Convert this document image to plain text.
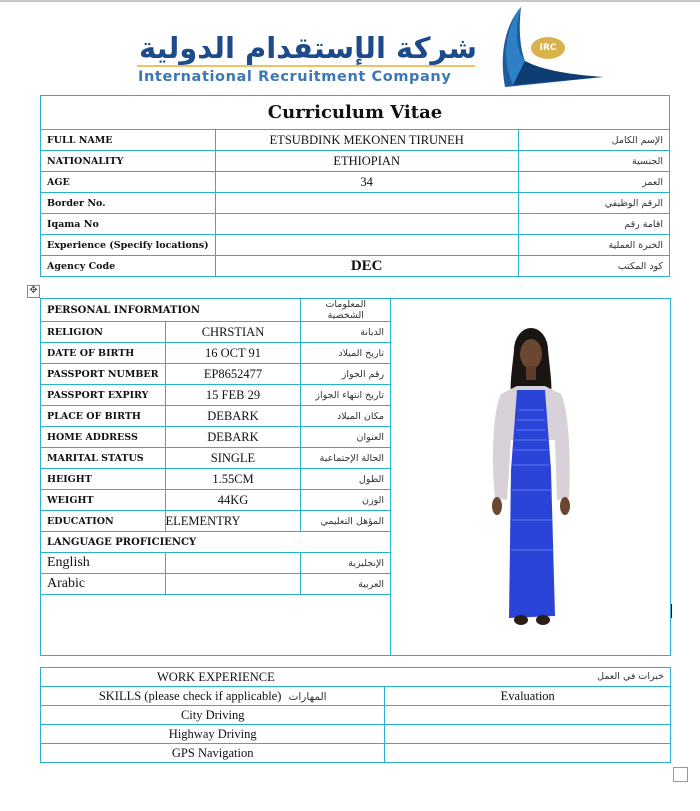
شركة الإستقدام الدولية
International Recruitment Company
IRC
Curriculum Vitae		
FULL NAME	ETSUBDINK MEKONEN TIRUNEH	الإسم الكامل
NATIONALITY	ETHIOPIAN	الجنسية
AGE	34	العمر
Border No.		الرقم الوظيفي
Iqama No		اقامة رقم
Experience (Specify locations)		الخبرة العملية
Agency Code	DEC	كود المكتب
✥
PERSONAL INFORMATION		المعلومات الشخصية	
RELIGION	CHRSTIAN	الديانة	
DATE OF BIRTH	16 OCT 91	تاريخ الميلاد	
PASSPORT NUMBER	EP8652477	رقم الجواز	
PASSPORT EXPIRY	15 FEB 29	تاريخ انتهاء الجواز	
PLACE OF BIRTH	DEBARK	مكان الميلاد	
HOME ADDRESS	DEBARK	العنوان	
MARITAL STATUS	SINGLE	الحالة الإجتماعية	
HEIGHT	1.55CM	الطول	
WEIGHT	44KG	الوزن	
EDUCATION	ELEMENTRY	المؤهل التعليمي	
LANGUAGE PROFICIENCY			
English		الإنجليزية	
Arabic		العربية	

WORK EXPERIENCE خبرات في العمل	

SKILLS (please check if applicable) المهارات	Evaluation
City Driving	
Highway Driving	
GPS Navigation	
